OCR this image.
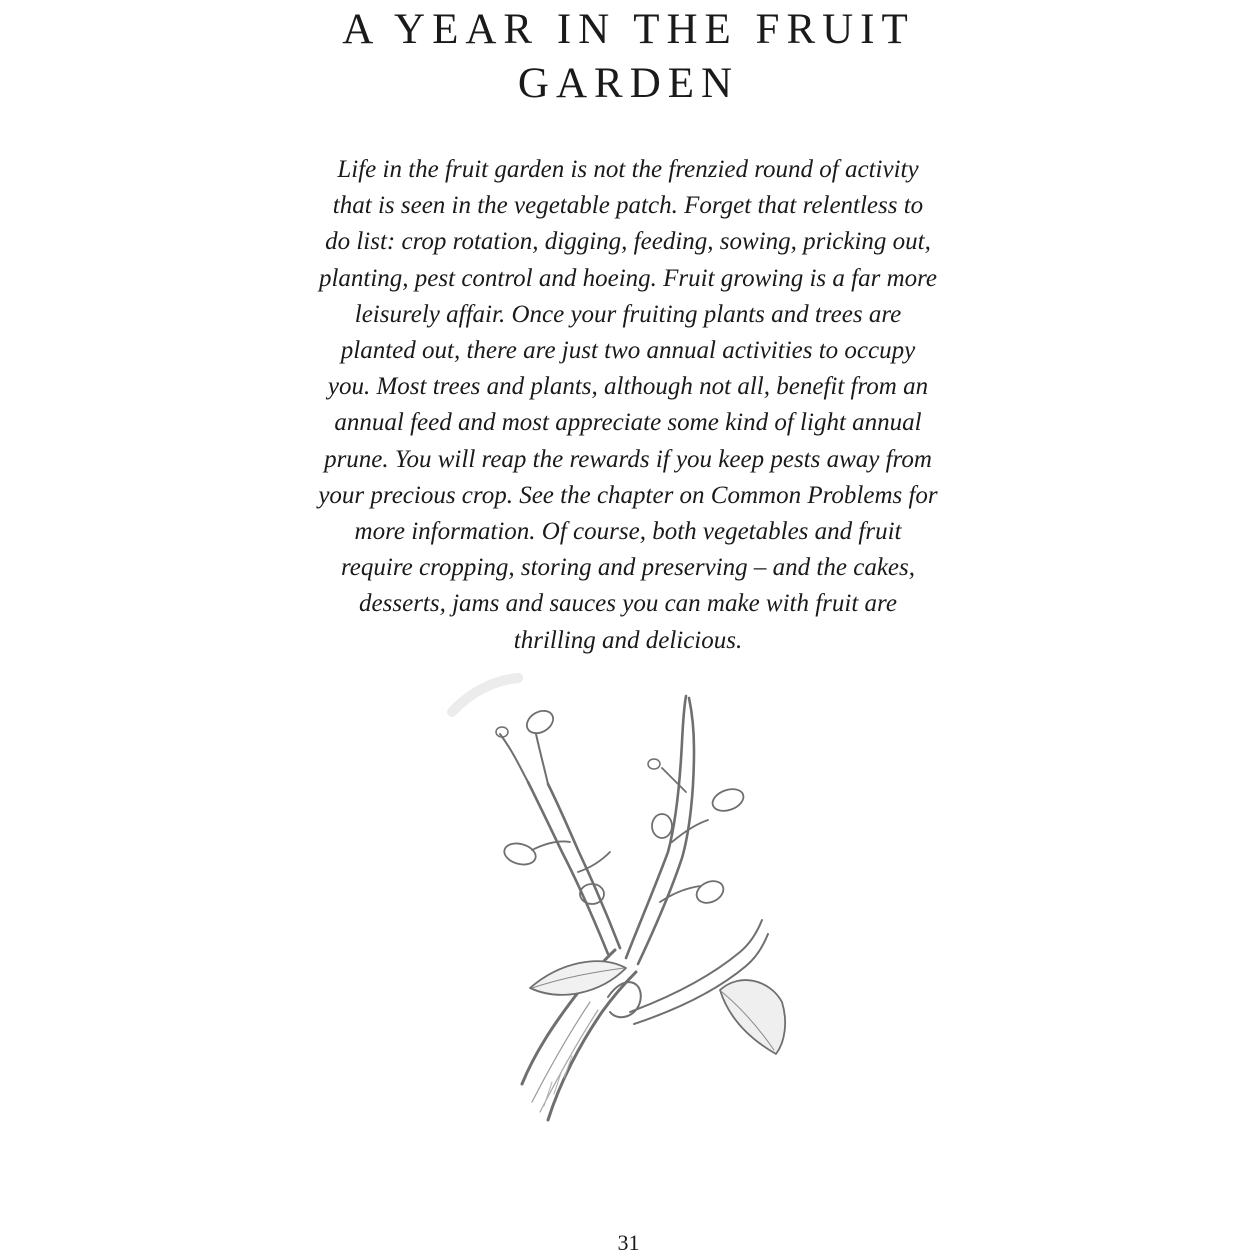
A YEAR IN THE FRUIT
GARDEN

Life in the fruit garden is not the frenzied round of activity
that is seen in the vegetable patch. Forget that relentless to
do list: crop rotation, digging, feeding, sowing, pricking out,
planting, pest control and hoeing. Fruit growing is a far more
leisurely affair. Once your fruiting plants and trees are
planted out, there are just two annual activities to occupy
you. Most trees and plants, although not all, benefit from an
annual feed and most appreciate some kind of light annual
prune. You will reap the rewards if you keep pests away from
your precious crop. See the chapter on Common Problems for
more information. Of course, both vegetables and fruit
require cropping, storing and preserving – and the cakes,
desserts, jams and sauces you can make with fruit are
thrilling and delicious.

31
